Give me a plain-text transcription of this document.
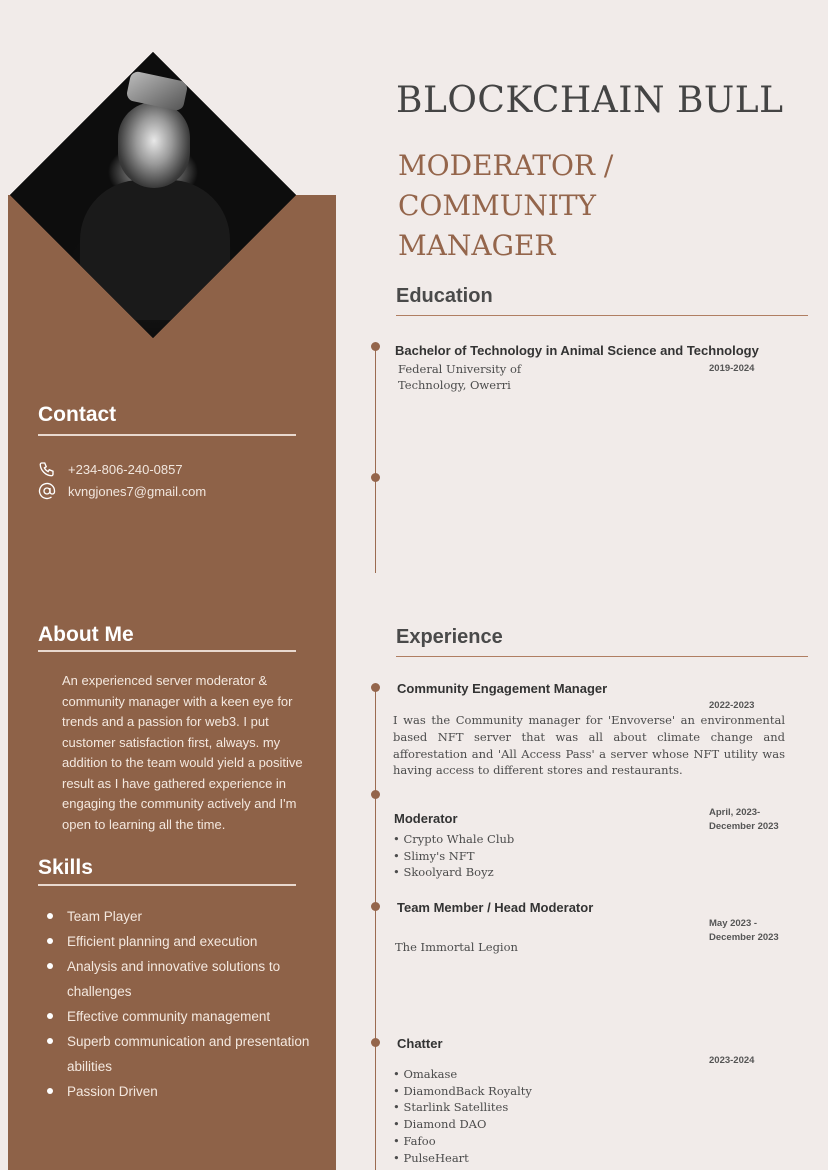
Contact
+234-806-240-0857
kvngjones7@gmail.com
About Me

An experienced server moderator & community manager with a keen eye for trends and a passion for web3. I put customer satisfaction first, always. my addition to the team would yield a positive result as I have gathered experience in engaging the community actively and I'm open to learning all the time.

Skills
Team Player
Efficient planning and execution
Analysis and innovative solutions to challenges
Effective community management
Superb communication and presentation abilities
Passion Driven
BLOCKCHAIN BULL
MODERATOR /
COMMUNITY
MANAGER
Education

Bachelor of Technology in Animal Science and Technology

Federal University of
Technology, Owerri

2019-2024

Experience

Community Engagement Manager

2022-2023

I was the Community manager for 'Envoverse' an environmental based NFT server that was all about climate change and afforestation and 'All Access Pass' a server whose NFT utility was having access to different stores and restaurants.

Moderator	April, 2023-
December 2023
• Crypto Whale Club
• Slimy's NFT
• Skoolyard Boyz

Team Member / Head Moderator

May 2023 -
December 2023

The Immortal Legion

Chatter

2023-2024

• Omakase
• DiamondBack Royalty
• Starlink Satellites
• Diamond DAO
• Fafoo
• PulseHeart
